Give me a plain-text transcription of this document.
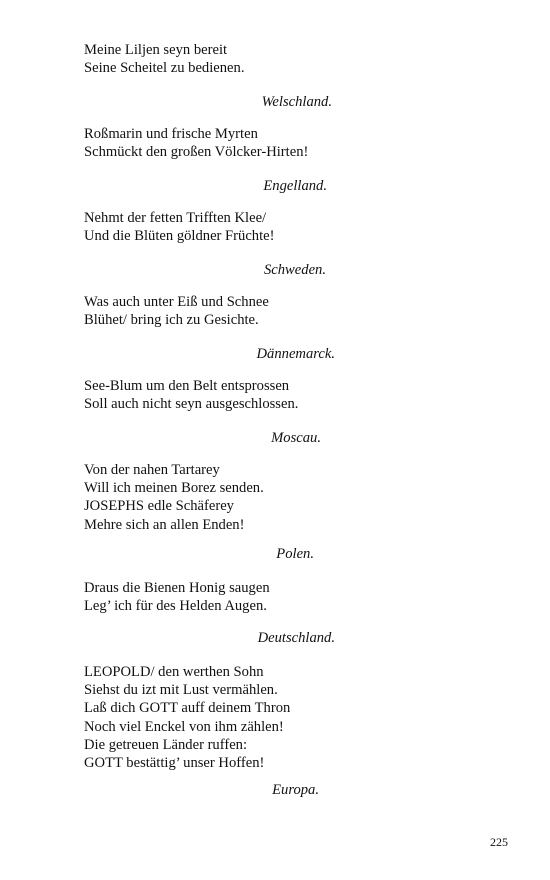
Meine Liljen seyn bereit
Seine Scheitel zu bedienen.
Welschland.
Roßmarin und frische Myrten
Schmückt den großen Völcker-Hirten!
Engelland.
Nehmt der fetten Trifften Klee/
Und die Blüten göldner Früchte!
Schweden.
Was auch unter Eiß und Schnee
Blühet/ bring ich zu Gesichte.
Dännemarck.
See-Blum um den Belt entsprossen
Soll auch nicht seyn ausgeschlossen.
Moscau.
Von der nahen Tartarey
Will ich meinen Borez senden.
JOSEPHS edle Schäferey
Mehre sich an allen Enden!
Polen.
Draus die Bienen Honig saugen
Leg’ ich für des Helden Augen.
Deutschland.
LEOPOLD/ den werthen Sohn
Siehst du izt mit Lust vermählen.
Laß dich GOTT auff deinem Thron
Noch viel Enckel von ihm zählen!
Die getreuen Länder ruffen:
GOTT bestättig’ unser Hoffen!
Europa.
225
